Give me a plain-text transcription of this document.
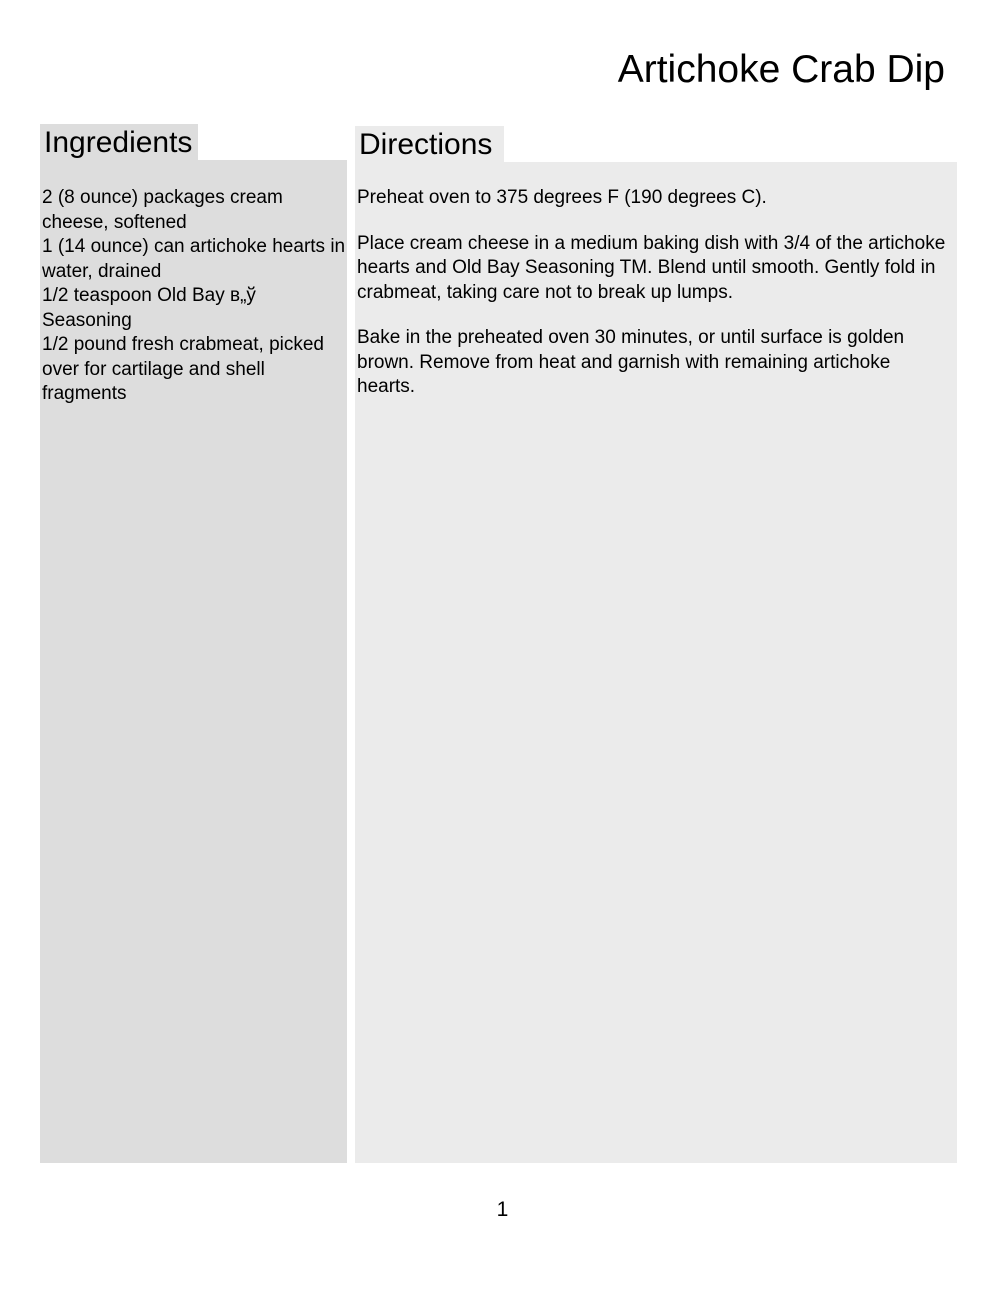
Artichoke Crab Dip
Ingredients

2 (8 ounce) packages cream cheese, softened

1 (14 ounce) can artichoke hearts in water, drained

1/2 teaspoon Old Bay в„ў Seasoning

1/2 pound fresh crabmeat, picked over for cartilage and shell fragments

Directions

Preheat oven to 375 degrees F (190 degrees C).

Place cream cheese in a medium baking dish with 3/4 of the artichoke hearts and Old Bay Seasoning TM. Blend until smooth. Gently fold in crabmeat, taking care not to break up lumps.

Bake in the preheated oven 30 minutes, or until surface is golden brown. Remove from heat and garnish with remaining artichoke hearts.

1
